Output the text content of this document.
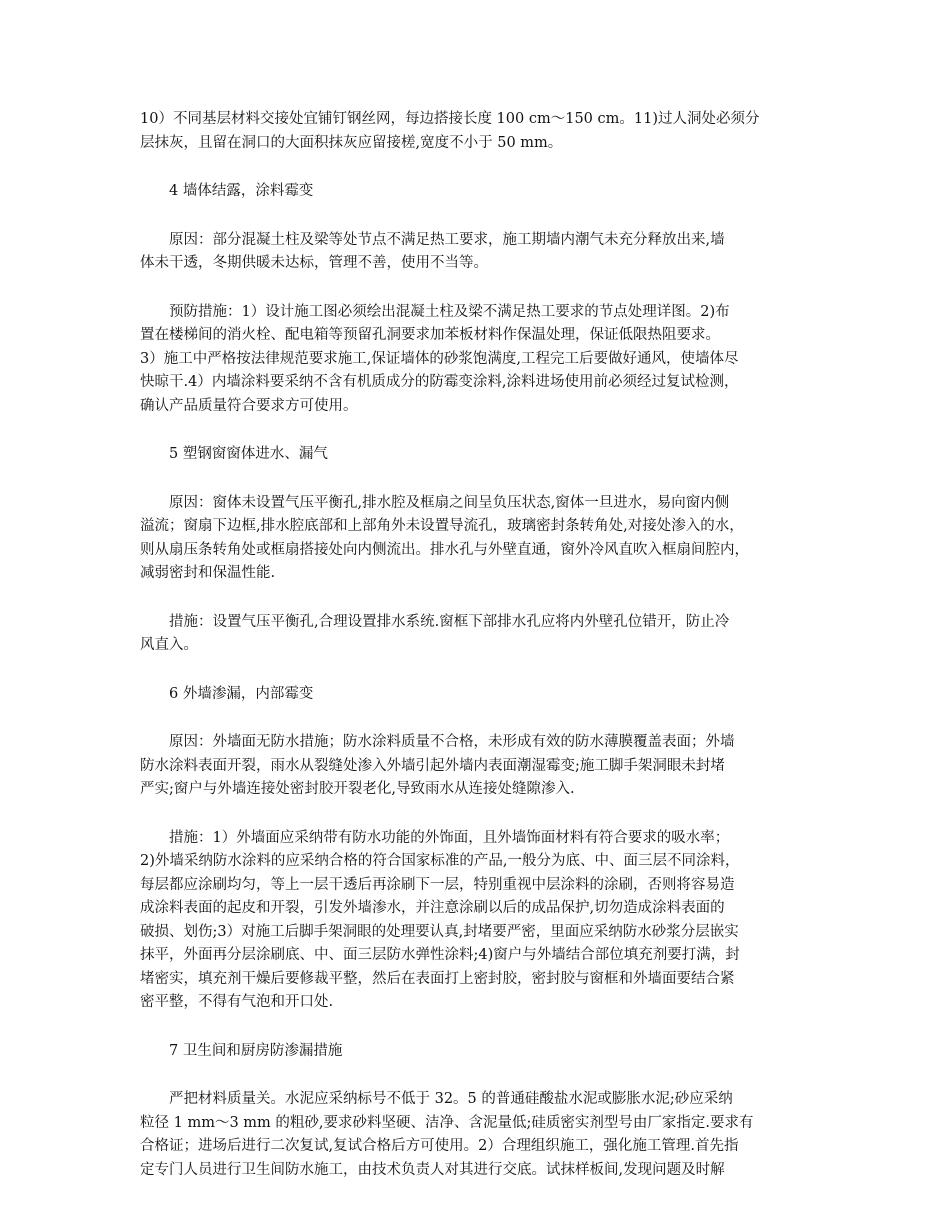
10）不同基层材料交接处宜铺钉钢丝网，每边搭接长度 100 cm～150 cm。11)过人洞处必须分
层抹灰，且留在洞口的大面积抹灰应留接槎,宽度不小于 50 mm。
4 墙体结露，涂料霉变
原因：部分混凝土柱及梁等处节点不满足热工要求，施工期墙内潮气未充分释放出来,墙
体未干透，冬期供暖未达标，管理不善，使用不当等。
预防措施：1）设计施工图必须绘出混凝土柱及梁不满足热工要求的节点处理详图。2)布
置在楼梯间的消火栓、配电箱等预留孔洞要求加苯板材料作保温处理，保证低限热阻要求。
3）施工中严格按法律规范要求施工,保证墙体的砂浆饱满度,工程完工后要做好通风，使墙体尽
快晾干.4）内墙涂料要采纳不含有机质成分的防霉变涂料,涂料进场使用前必须经过复试检测，
确认产品质量符合要求方可使用。
5 塑钢窗窗体进水、漏气
原因：窗体未设置气压平衡孔,排水腔及框扇之间呈负压状态,窗体一旦进水，易向窗内侧
溢流；窗扇下边框,排水腔底部和上部角外未设置导流孔，玻璃密封条转角处,对接处渗入的水，
则从扇压条转角处或框扇搭接处向内侧流出。排水孔与外壁直通，窗外冷风直吹入框扇间腔内，
减弱密封和保温性能.
措施：设置气压平衡孔,合理设置排水系统.窗框下部排水孔应将内外壁孔位错开，防止冷
风直入。
6 外墙渗漏，内部霉变
原因：外墙面无防水措施；防水涂料质量不合格，未形成有效的防水薄膜覆盖表面；外墙
防水涂料表面开裂，雨水从裂缝处渗入外墙引起外墙内表面潮湿霉变;施工脚手架洞眼未封堵
严实;窗户与外墙连接处密封胶开裂老化,导致雨水从连接处缝隙渗入.
措施：1）外墙面应采纳带有防水功能的外饰面，且外墙饰面材料有符合要求的吸水率；
2)外墙采纳防水涂料的应采纳合格的符合国家标准的产品,一般分为底、中、面三层不同涂料，
每层都应涂刷均匀，等上一层干透后再涂刷下一层，特别重视中层涂料的涂刷，否则将容易造
成涂料表面的起皮和开裂，引发外墙渗水，并注意涂刷以后的成品保护,切勿造成涂料表面的
破损、划伤;3）对施工后脚手架洞眼的处理要认真,封堵要严密，里面应采纳防水砂浆分层嵌实
抹平，外面再分层涂刷底、中、面三层防水弹性涂料;4)窗户与外墙结合部位填充剂要打满，封
堵密实，填充剂干燥后要修裁平整，然后在表面打上密封胶，密封胶与窗框和外墙面要结合紧
密平整，不得有气泡和开口处.
7 卫生间和厨房防渗漏措施
严把材料质量关。水泥应采纳标号不低于 32。5 的普通硅酸盐水泥或膨胀水泥;砂应采纳
粒径 1 mm～3 mm 的粗砂,要求砂料坚硬、洁净、含泥量低;硅质密实剂型号由厂家指定.要求有
合格证；进场后进行二次复试,复试合格后方可使用。2）合理组织施工，强化施工管理.首先指
定专门人员进行卫生间防水施工，由技术负责人对其进行交底。试抹样板间,发现问题及时解
